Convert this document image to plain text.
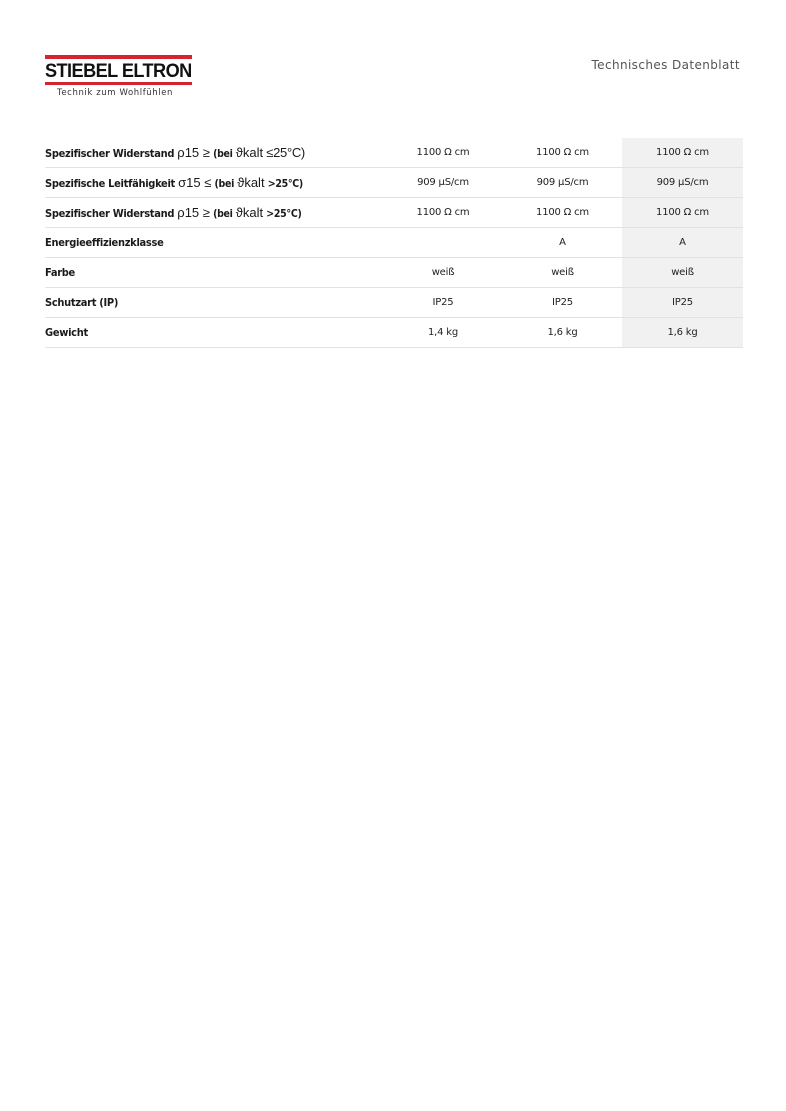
STIEBEL ELTRON
Technik zum Wohlfühlen
Technisches Datenblatt
Spezifischer Widerstand ρ15 ≥ (bei ϑkalt ≤25°C)	1100 Ω cm	1100 Ω cm	1100 Ω cm
Spezifische Leitfähigkeit σ15 ≤ (bei ϑkalt >25°C)	909 μS/cm	909 μS/cm	909 μS/cm
Spezifischer Widerstand ρ15 ≥ (bei ϑkalt >25°C)	1100 Ω cm	1100 Ω cm	1100 Ω cm
Energieeffizienzklasse		A	A
Farbe	weiß	weiß	weiß
Schutzart (IP)	IP25	IP25	IP25
Gewicht	1,4 kg	1,6 kg	1,6 kg
